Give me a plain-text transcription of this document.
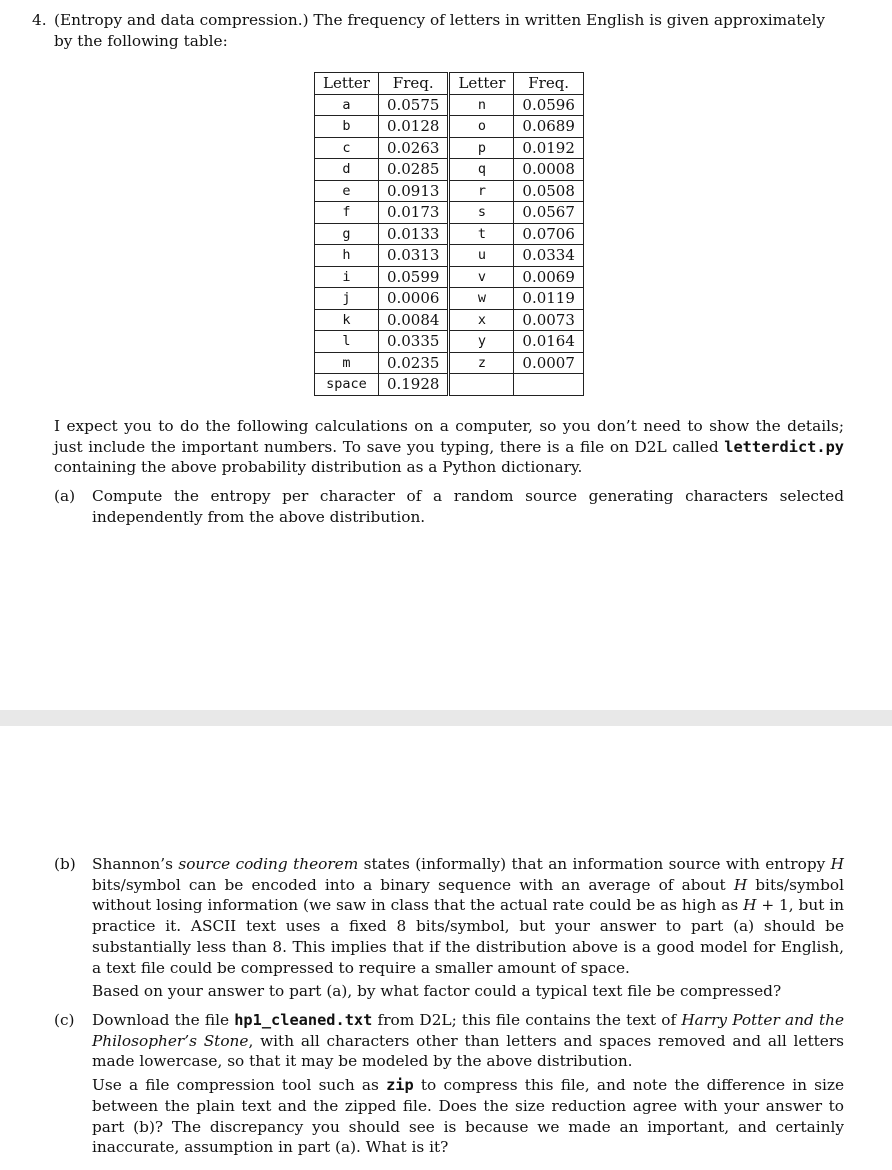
4. (Entropy and data compression.) The frequency of letters in written English is given approximately by the following table:
Letter	Freq.	Letter	Freq.
a	0.0575	n	0.0596
b	0.0128	o	0.0689
c	0.0263	p	0.0192
d	0.0285	q	0.0008
e	0.0913	r	0.0508
f	0.0173	s	0.0567
g	0.0133	t	0.0706
h	0.0313	u	0.0334
i	0.0599	v	0.0069
j	0.0006	w	0.0119
k	0.0084	x	0.0073
l	0.0335	y	0.0164
m	0.0235	z	0.0007
space	0.1928		
I expect you to do the following calculations on a computer, so you don’t need to show the details; just include the important numbers. To save you typing, there is a file on D2L called letterdict.py containing the above probability distribution as a Python dictionary.
(a) Compute the entropy per character of a random source generating characters selected independently from the above distribution.

(b) Shannon’s source coding theorem states (informally) that an information source with entropy H bits/symbol can be encoded into a binary sequence with an average of about H bits/symbol without losing information (we saw in class that the actual rate could be as high as H + 1, but in practice it. ASCII text uses a fixed 8 bits/symbol, but your answer to part (a) should be substantially less than 8. This implies that if the distribution above is a good model for English, a text file could be compressed to require a smaller amount of space.

Based on your answer to part (a), by what factor could a typical text file be compressed?

(c) Download the file hp1_cleaned.txt from D2L; this file contains the text of Harry Potter and the Philosopher’s Stone, with all characters other than letters and spaces removed and all letters made lowercase, so that it may be modeled by the above distribution.

Use a file compression tool such as zip to compress this file, and note the difference in size between the plain text and the zipped file. Does the size reduction agree with your answer to part (b)? The discrepancy you should see is because we made an important, and certainly inaccurate, assumption in part (a). What is it?
